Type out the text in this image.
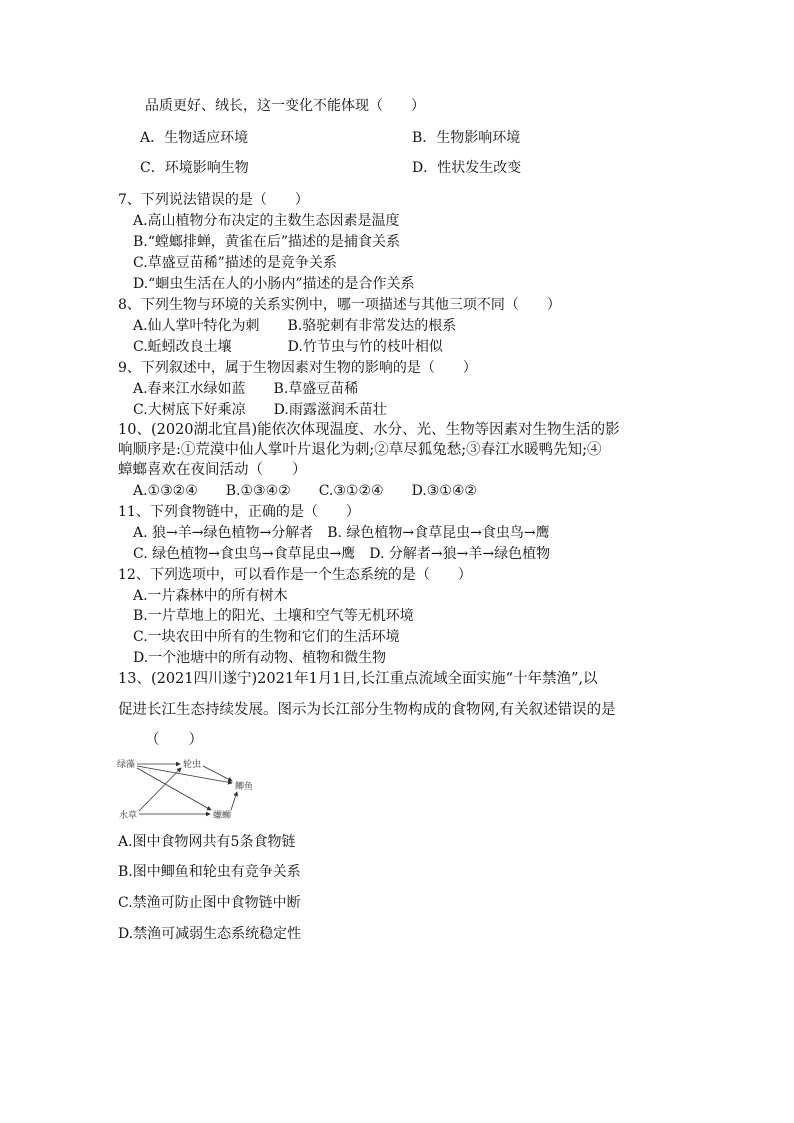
品质更好、绒长，这一变化不能体现（　　）
A．生物适应环境	B．生物影响环境
C．环境影响生物	D．性状发生改变
7、下列说法错误的是（　　）
A.高山植物分布决定的主数生态因素是温度
B.“螳螂排蝉，黄雀在后”描述的是捕食关系
C.草盛豆苗稀”描述的是竞争关系
D.“蛔虫生活在人的小肠内”描述的是合作关系
8、下列生物与环境的关系实例中，哪一项描述与其他三项不同（　　）
A.仙人掌叶特化为刺　　B.骆驼刺有非常发达的根系
C.蚯蚓改良土壤　　　　D.竹节虫与竹的枝叶相似
9、下列叙述中，属于生物因素对生物的影响的是（　　）
A.春来江水绿如蓝　　B.草盛豆苗稀
C.大树底下好乘凉　　D.雨露滋润禾苗壮
10、(2020湖北宜昌)能依次体现温度、水分、光、生物等因素对生物生活的影
响顺序是:①荒漠中仙人掌叶片退化为刺;②草尽狐兔愁;③春江水暖鸭先知;④
蟑螂喜欢在夜间活动（　　）
A.①③②④　　B.①③④②　　C.③①②④　　D.③①④②
11、下列食物链中，正确的是（　　）
A. 狼→羊→绿色植物→分解者　B. 绿色植物→食草昆虫→食虫鸟→鹰
C. 绿色植物→食虫鸟→食草昆虫→鹰　D. 分解者→狼→羊→绿色植物
12、下列选项中，可以看作是一个生态系统的是（　　）
A.一片森林中的所有树木
B.一片草地上的阳光、土壤和空气等无机环境
C.一块农田中所有的生物和它们的生活环境
D.一个池塘中的所有动物、植物和微生物
13、(2021四川遂宁)2021年1月1日,长江重点流域全面实施“十年禁渔”,以
促进长江生态持续发展。图示为长江部分生物构成的食物网,有关叙述错误的是
（　　）
绿藻	轮虫
鲫鱼
水草	螺蛳
A.图中食物网共有5条食物链
B.图中鲫鱼和轮虫有竞争关系
C.禁渔可防止图中食物链中断
D.禁渔可减弱生态系统稳定性
